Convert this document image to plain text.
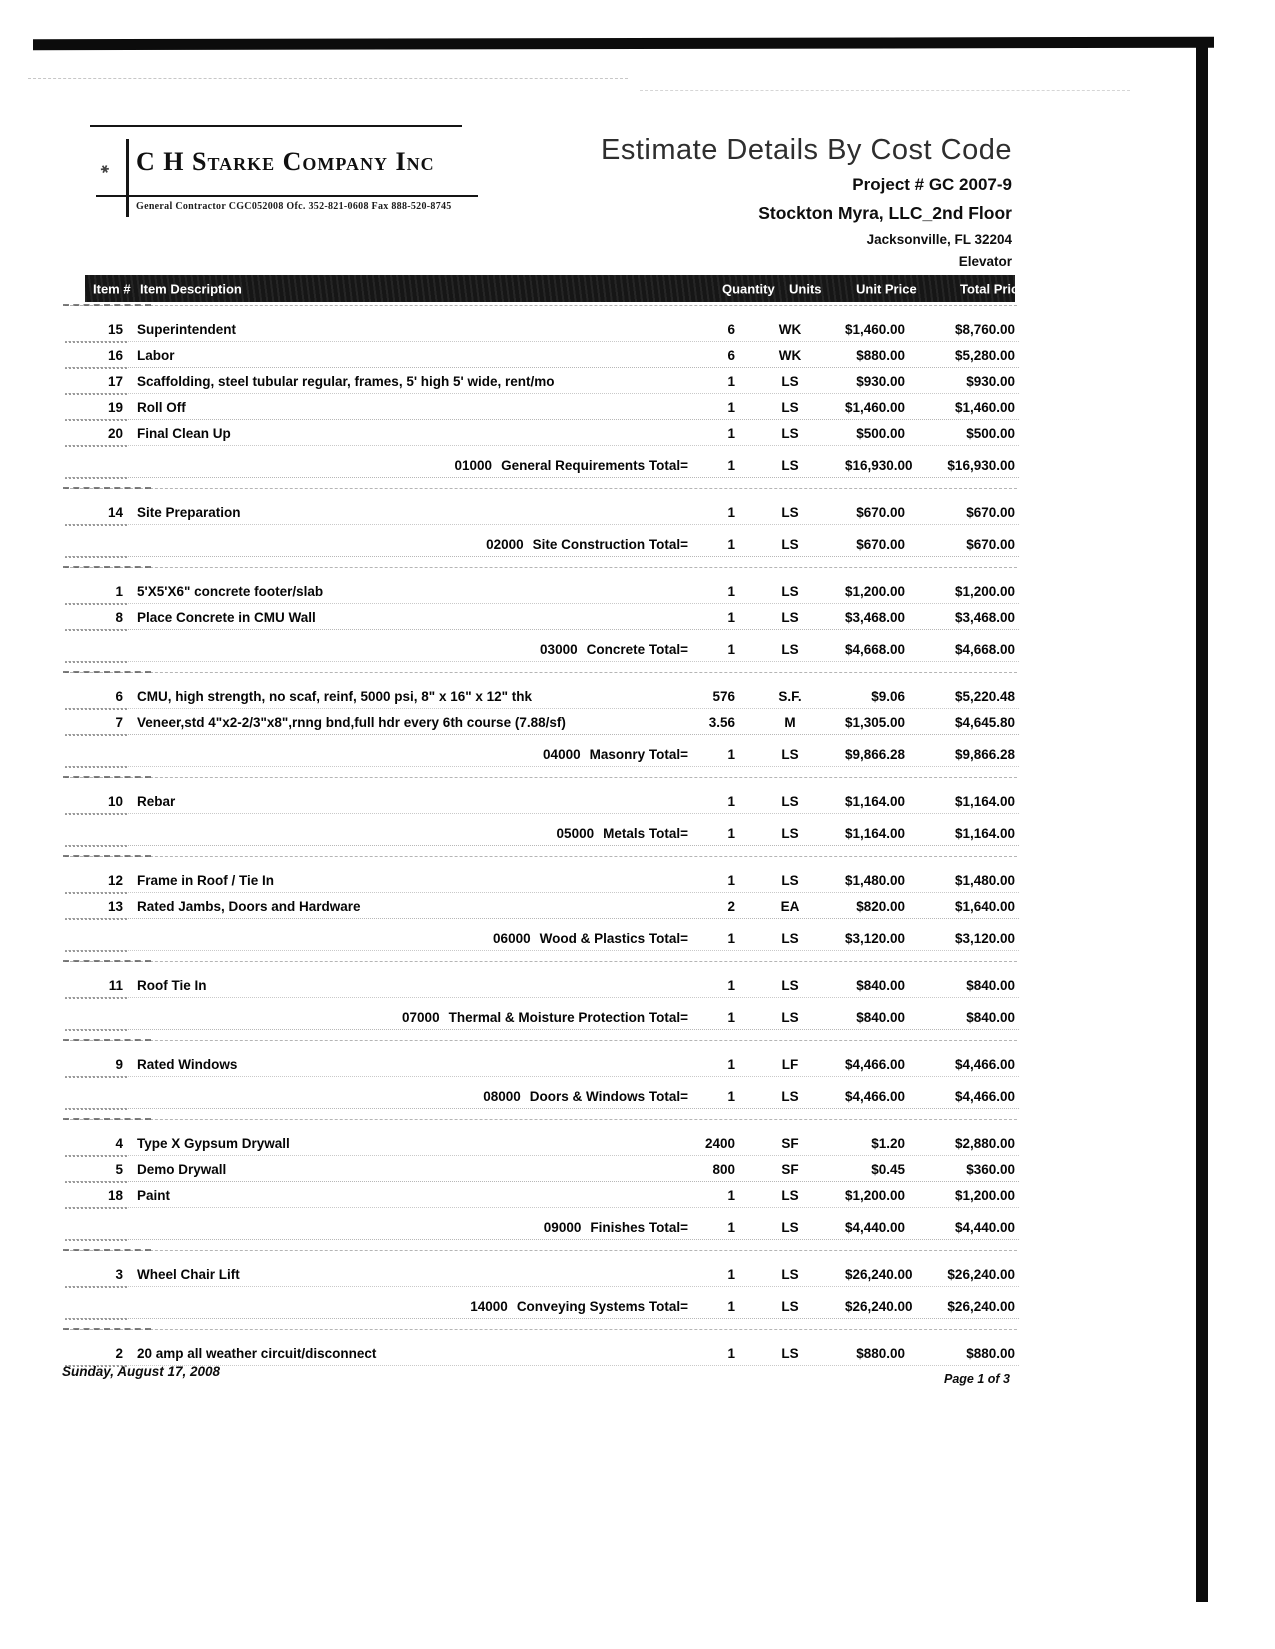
✱ C H Starke Company Inc
General Contractor CGC052008 Ofc. 352-821-0608 Fax 888-520-8745
Estimate Details By Cost Code
Project # GC 2007-9
Stockton Myra, LLC_2nd Floor
Jacksonville, FL 32204
Elevator
Item # Item Description	Quantity Units	Unit Price	Total Price
15	Superintendent	6	WK	$1,460.00	$8,760.00
16	Labor	6	WK	$880.00	$5,280.00
17	Scaffolding, steel tubular regular, frames, 5' high 5' wide, rent/mo	1	LS	$930.00	$930.00
19	Roll Off	1	LS	$1,460.00	$1,460.00
20	Final Clean Up	1	LS	$500.00	$500.00
01000 General Requirements Total=	1	LS	$16,930.00	$16,930.00
14	Site Preparation	1	LS	$670.00	$670.00
02000 Site Construction Total=	1	LS	$670.00	$670.00
1	5'X5'X6" concrete footer/slab	1	LS	$1,200.00	$1,200.00
8	Place Concrete in CMU Wall	1	LS	$3,468.00	$3,468.00
03000 Concrete Total=	1	LS	$4,668.00	$4,668.00
6	CMU, high strength, no scaf, reinf, 5000 psi, 8" x 16" x 12" thk	576	S.F.	$9.06	$5,220.48
7	Veneer,std 4"x2-2/3"x8",rnng bnd,full hdr every 6th course (7.88/sf)	3.56	M	$1,305.00	$4,645.80
04000 Masonry Total=	1	LS	$9,866.28	$9,866.28
10	Rebar	1	LS	$1,164.00	$1,164.00
05000 Metals Total=	1	LS	$1,164.00	$1,164.00
12	Frame in Roof / Tie In	1	LS	$1,480.00	$1,480.00
13	Rated Jambs, Doors and Hardware	2	EA	$820.00	$1,640.00
06000 Wood & Plastics Total=	1	LS	$3,120.00	$3,120.00
11	Roof Tie In	1	LS	$840.00	$840.00
07000 Thermal & Moisture Protection Total=	1	LS	$840.00	$840.00
9	Rated Windows	1	LF	$4,466.00	$4,466.00
08000 Doors & Windows Total=	1	LS	$4,466.00	$4,466.00
4	Type X Gypsum Drywall	2400	SF	$1.20	$2,880.00
5	Demo Drywall	800	SF	$0.45	$360.00
18	Paint	1	LS	$1,200.00	$1,200.00
09000 Finishes Total=	1	LS	$4,440.00	$4,440.00
3	Wheel Chair Lift	1	LS	$26,240.00	$26,240.00
14000 Conveying Systems Total=	1	LS	$26,240.00	$26,240.00
2	20 amp all weather circuit/disconnect	1	LS	$880.00	$880.00
Sunday, August 17, 2008	Page 1 of 3
